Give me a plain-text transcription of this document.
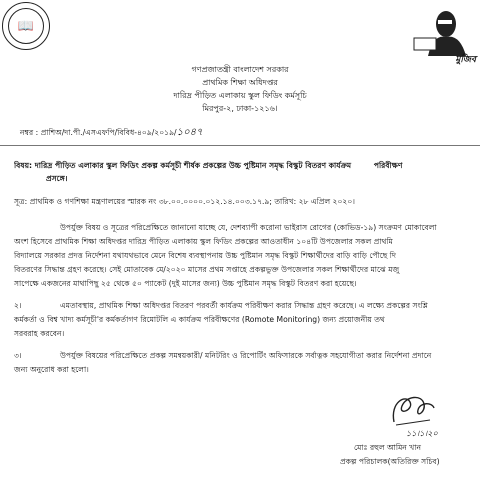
📖
মুজিব
গণপ্রজাতন্ত্রী বাংলাদেশ সরকার
প্রাথমিক শিক্ষা অধিদপ্তর
দারিদ্র পীড়িত এলাকায় স্কুল ফিডিং কর্মসূচি
মিরপুর-২, ঢাকা-১২১৬।
নম্বর : প্রাশিঅ/দা.পী./এসএফপি/বিবিধ-৪০৯/২০১৯/১০৪৭
বিষয়: দারিদ্র পীড়িত এলাকার স্কুল ফিডিং প্রকল্প কর্মসূচী শীর্ষক প্রকল্পের উচ্চ পুষ্টিমান সমৃদ্ধ বিস্কুট বিতরণ কার্যক্রম	পরিবীক্ষণ
প্রসঙ্গে।
সূত্র: প্রাথমিক ও গণশিক্ষা মন্ত্রণালয়ের স্মারক নং ৩৮.০০.০০০০.০১২.১৪.০০৩.১৭.৯; তারিখ: ২৮ এপ্রিল ২০২০।
উপর্যুক্ত বিষয় ও সূত্রের পরিপ্রেক্ষিতে জানানো যাচ্ছে যে, দেশব্যাপী করোনা ভাইরাস রোগের (কোভিড-১৯) সংক্রমণ মোকাবেলা
অংশ হিসেবে প্রাথমিক শিক্ষা অধিদপ্তর দারিদ্র পীড়িত এলাকায় স্কুল ফিডিং প্রকল্পের আওতাধীন ১০৪টি উপজেলার সকল প্রাথমি
বিদ্যালয়ে সরকার প্রদত্ত নির্দেশনা যথাযথভাবে মেনে বিশেষ ব্যবস্থাপনায় উচ্চ পুষ্টিমান সমৃদ্ধ বিস্কুট শিক্ষার্থীদের বাড়ি বাড়ি পৌছে দি
বিতরণের সিদ্ধান্ত গ্রহণ করেছে। সেই মোতাবেক মে/২০২০ মাসের প্রথম সপ্তাহে প্রকল্পভুক্ত উপজেলার সকল শিক্ষার্থীদের মাঝে মজু
সাপেক্ষে একজনের মাথাপিছু ২৫ থেকে ৫০ প্যাকেট (দুই মাসের জন্য) উচ্চ পুষ্টিমান সমৃদ্ধ বিস্কুট বিতরণ করা হয়েছে।
২।	এমতাবস্থায়, প্রাথমিক শিক্ষা অধিদপ্তর বিতরণ পরবর্তী কার্যক্রম পরিবীক্ষণ করার সিদ্ধান্ত গ্রহণ করেছে। এ লক্ষ্যে প্রকল্পের সংশ্লি
কর্মকর্তা ও বিশ্ব খাদ্য কর্মসূচী'র কর্মকর্তাগণ রিমোটলি এ কার্যক্রম পরিবীক্ষণের (Romote Monitoring) জন্য প্রয়োজনীয় তথ
সরবরাহ করবেন।
৩।	উপর্যুক্ত বিষয়ের পরিপ্রেক্ষিতে প্রকল্প সমন্বয়কারী/ মনিটরিং ও রিপোর্টিং অফিসারকে সর্বাত্নক সহযোগীতা করার নির্দেশনা প্রদানে
জন্য অনুরোধ করা হলো।
১১।১।২০
মোঃ রহুল আমিন খান
প্রকল্প পরিচালক(অতিরিক্ত সচিব)
